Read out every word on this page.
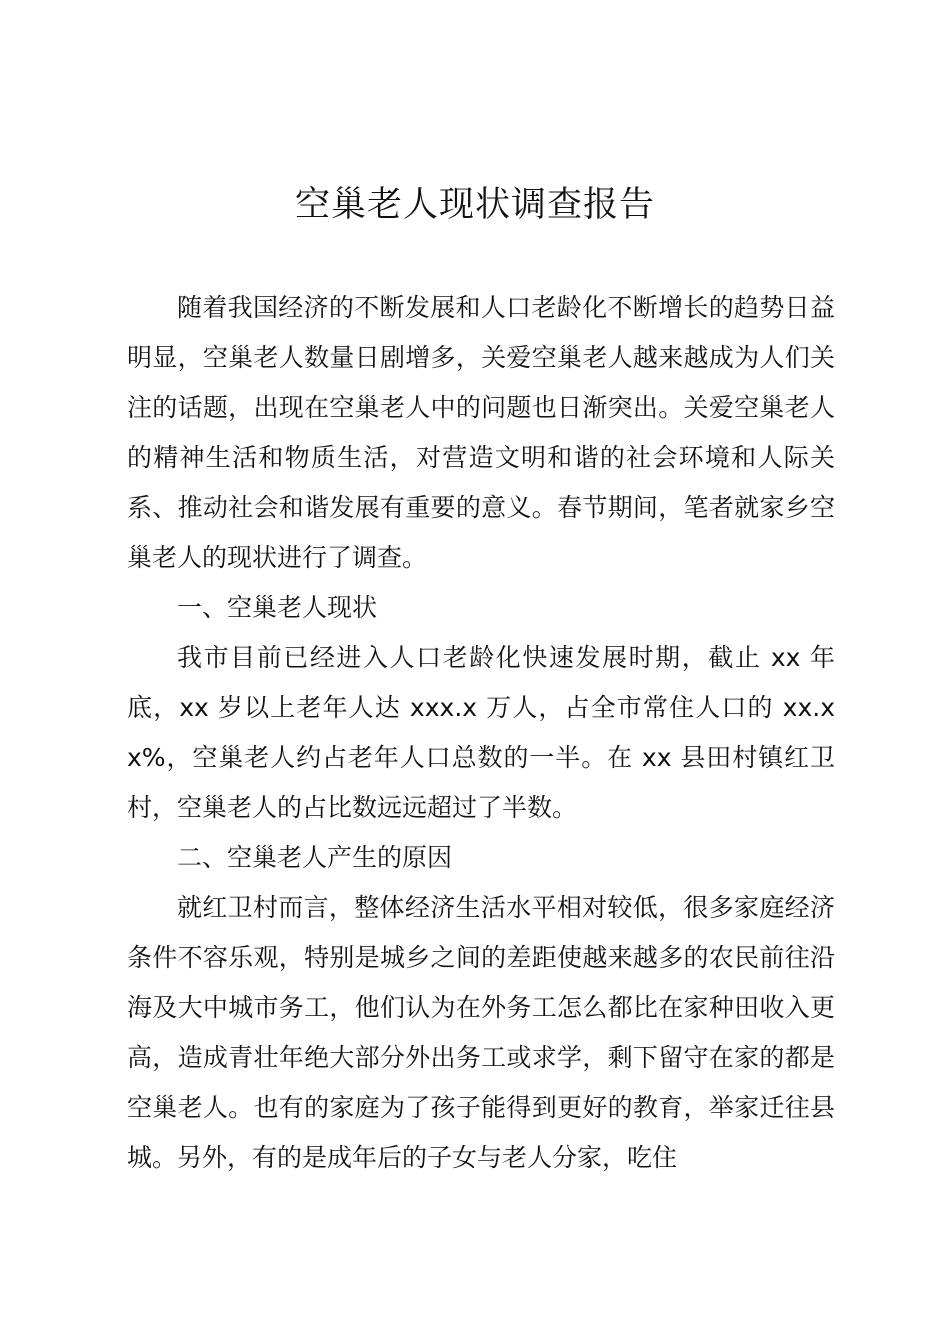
空巢老人现状调查报告

随着我国经济的不断发展和人口老龄化不断增长的趋势日益明显，空巢老人数量日剧增多，关爱空巢老人越来越成为人们关注的话题，出现在空巢老人中的问题也日渐突出。关爱空巢老人的精神生活和物质生活，对营造文明和谐的社会环境和人际关系、推动社会和谐发展有重要的意义。春节期间，笔者就家乡空巢老人的现状进行了调查。

一、空巢老人现状

我市目前已经进入人口老龄化快速发展时期，截止 xx 年底，xx 岁以上老年人达 xxx.x 万人，占全市常住人口的 xx.xx%，空巢老人约占老年人口总数的一半。在 xx 县田村镇红卫村，空巢老人的占比数远远超过了半数。

二、空巢老人产生的原因

就红卫村而言，整体经济生活水平相对较低，很多家庭经济条件不容乐观，特别是城乡之间的差距使越来越多的农民前往沿海及大中城市务工，他们认为在外务工怎么都比在家种田收入更高，造成青壮年绝大部分外出务工或求学，剩下留守在家的都是空巢老人。也有的家庭为了孩子能得到更好的教育，举家迁往县城。另外，有的是成年后的子女与老人分家，吃住
